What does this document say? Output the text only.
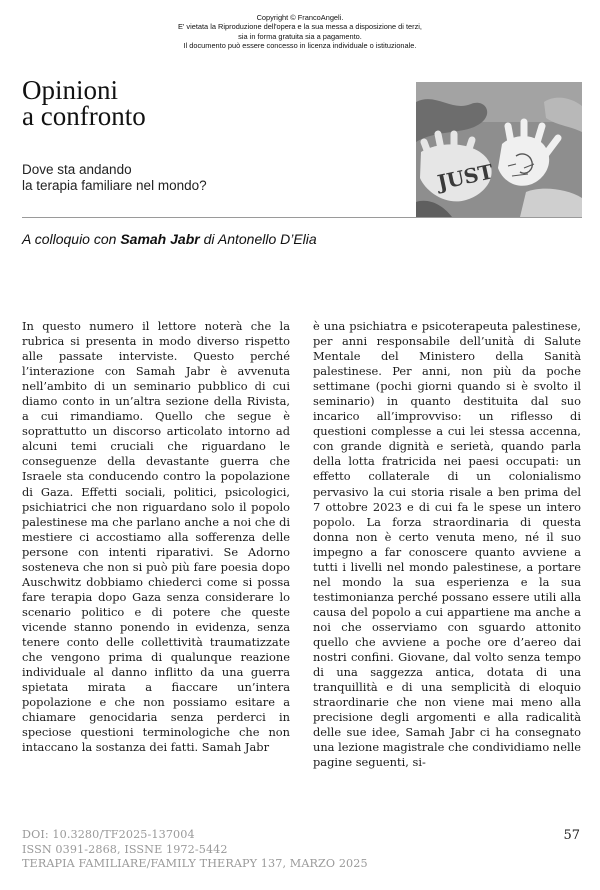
Copyright © FrancoAngeli.
E' vietata la Riproduzione dell'opera e la sua messa a disposizione di terzi,
sia in forma gratuita sia a pagamento.
Il documento può essere concesso in licenza individuale o istituzionale.
Opinioni
a confronto
Dove sta andando
la terapia familiare nel mondo?	JUST

A colloquio con Samah Jabr di Antonello D’Elia

In questo numero il lettore noterà che la rubrica si presenta in modo diverso rispetto alle passate interviste. Questo perché l’interazione con Samah Jabr è avvenuta nell’ambito di un seminario pubblico di cui diamo conto in un’altra sezione della Rivista, a cui rimandiamo. Quello che segue è soprattutto un discorso articolato intorno ad alcuni temi cruciali che riguardano le conseguenze della devastante guerra che Israele sta conducendo contro la popolazione di Gaza. Effetti sociali, politici, psicologici, psichiatrici che non riguardano solo il popolo palestinese ma che parlano anche a noi che di mestiere ci accostiamo alla sofferenza delle persone con intenti riparativi. Se Adorno sosteneva che non si può più fare poesia dopo Auschwitz dobbiamo chiederci come si possa fare terapia dopo Gaza senza considerare lo scenario politico e di potere che queste vicende stanno ponendo in evidenza, senza tenere conto delle collettività traumatizzate che vengono prima di qualunque reazione individuale al danno inflitto da una guerra spietata mirata a fiaccare un’intera popolazione e che non possiamo esitare a chiamare genocidaria senza perderci in speciose questioni terminologiche che non intaccano la sostanza dei fatti. Samah Jabr

è una psichiatra e psicoterapeuta palestinese, per anni responsabile dell’unità di Salute Mentale del Ministero della Sanità palestinese. Per anni, non più da poche settimane (pochi giorni quando si è svolto il seminario) in quanto destituita dal suo incarico all’improvviso: un riflesso di questioni complesse a cui lei stessa accenna, con grande dignità e serietà, quando parla della lotta fratricida nei paesi occupati: un effetto collaterale di un colonialismo pervasivo la cui storia risale a ben prima del 7 ottobre 2023 e di cui fa le spese un intero popolo. La forza straordinaria di questa donna non è certo venuta meno, né il suo impegno a far conoscere quanto avviene a tutti i livelli nel mondo palestinese, a portare nel mondo la sua esperienza e la sua testimonianza perché possano essere utili alla causa del popolo a cui appartiene ma anche a noi che osserviamo con sguardo attonito quello che avviene a poche ore d’aereo dai nostri confini. Giovane, dal volto senza tempo di una saggezza antica, dotata di una tranquillità e di una semplicità di eloquio straordinarie che non viene mai meno alla precisione degli argomenti e alla radicalità delle sue idee, Samah Jabr ci ha consegnato una lezione magistrale che condividiamo nelle pagine seguenti, si-

DOI: 10.3280/TF2025-137004
ISSN 0391-2868, ISSNE 1972-5442
TERAPIA FAMILIARE/FAMILY THERAPY 137, MARZO 2025
57
